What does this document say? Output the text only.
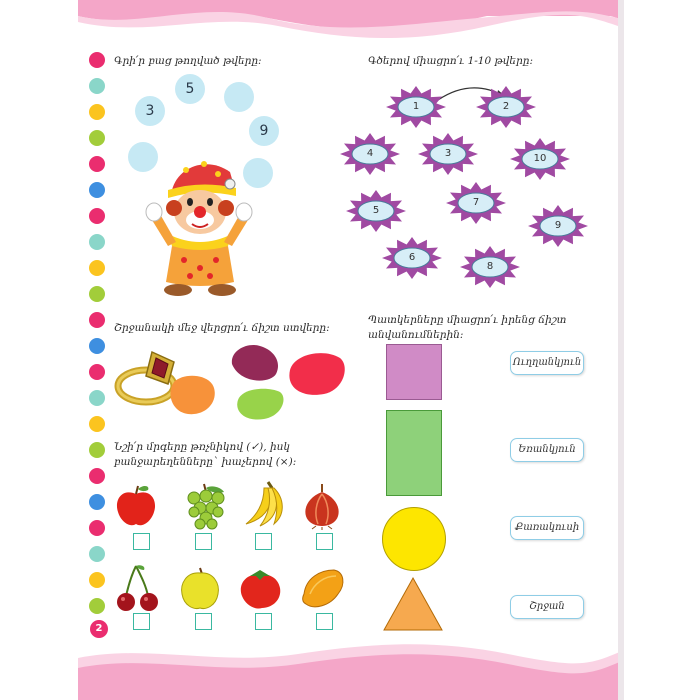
2
Գրի՛ր բաց թողված թվերը:
5
3
9
Գծերով միացրո՛ւ 1-10 թվերը:
1	2
4	3	10
5
7
9
6
8
Շրջանակի մեջ վերցրո՛ւ ճիշտ ստվերը:
Նշի՛ր մրգերը թռչնիկով (✓), իսկ
բանջարեղենները` խաչերով (×):
Պատկերները միացրո՛ւ իրենց ճիշտ
անվանումներին:
Ուղղանկյուն
Եռանկյուն
Քառակուսի
Շրջան
